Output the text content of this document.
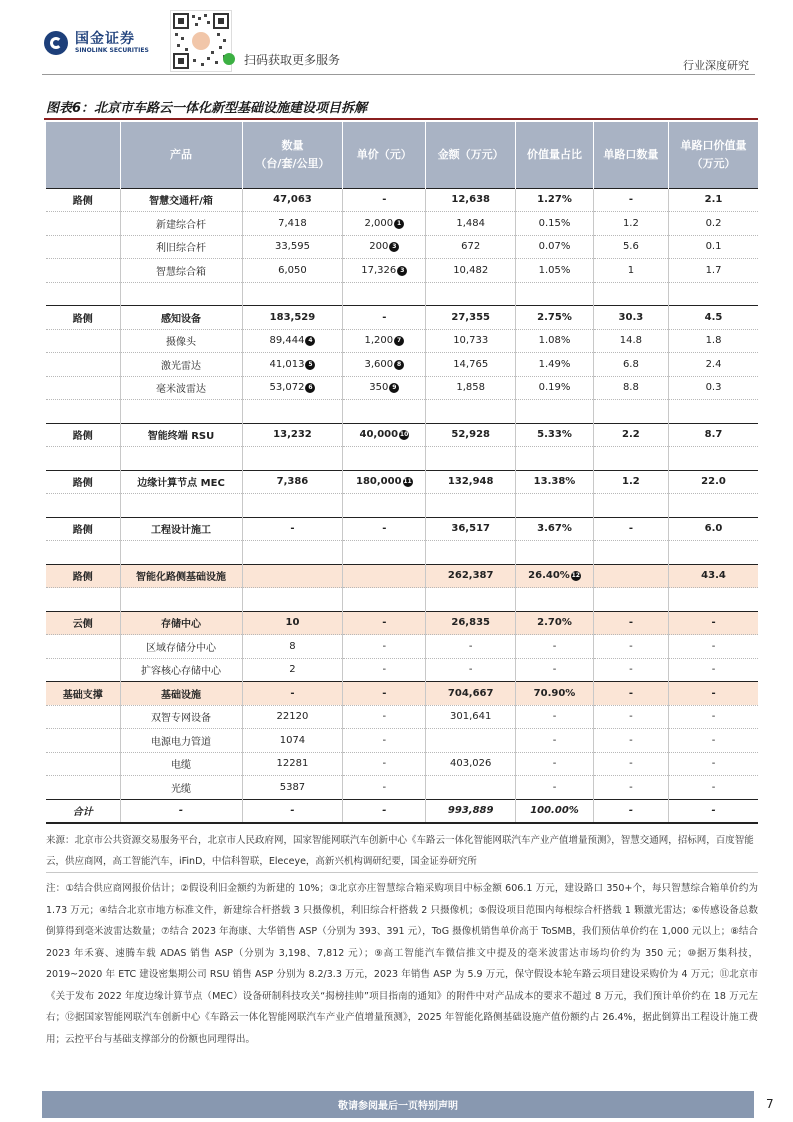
国金证券
SINOLINK SECURITIES
扫码获取更多服务	行业深度研究
图表6：北京市车路云一体化新型基础设施建设项目拆解
	产品	数量
（台/套/公里）	单价（元）	金额（万元）	价值量占比	单路口数量	单路口价值量
（万元）
路侧	智慧交通杆/箱	47,063	-	12,638	1.27%	-	2.1
	新建综合杆	7,418	2,000 1	1,484	0.15%	1.2	0.2
	利旧综合杆	33,595	200 3	672	0.07%	5.6	0.1
	智慧综合箱	6,050	17,326 3	10,482	1.05%	1	1.7

路侧	感知设备	183,529	-	27,355	2.75%	30.3	4.5
	摄像头	89,444 4	1,200 7	10,733	1.08%	14.8	1.8
	激光雷达	41,013 5	3,600 8	14,765	1.49%	6.8	2.4
	毫米波雷达	53,072 6	350 9	1,858	0.19%	8.8	0.3

路侧	智能终端 RSU	13,232	40,000 10	52,928	5.33%	2.2	8.7

路侧	边缘计算节点 MEC	7,386	180,000 11	132,948	13.38%	1.2	22.0

路侧	工程设计施工	-	-	36,517	3.67%	-	6.0

路侧	智能化路侧基础设施			262,387	26.40% 12		43.4

云侧	存储中心	10	-	26,835	2.70%	-	-
	区域存储分中心	8	-	-	-	-	-
	扩容核心存储中心	2	-	-	-	-	-
基础支撑	基础设施	-	-	704,667	70.90%	-	-
	双智专网设备	22120	-	301,641	-	-	-
	电源电力管道	1074	-		-	-	-
	电缆	12281	-	403,026	-	-	-
	光缆	5387	-		-	-	-
合计	-	-	-	993,889	100.00%	-	-
来源：北京市公共资源交易服务平台，北京市人民政府网，国家智能网联汽车创新中心《车路云一体化智能网联汽车产业产值增量预测》，智慧交通网，招标网，百度智能云，供应商网，高工智能汽车，iFinD，中信科智联，Eleceye，高新兴机构调研纪要，国金证券研究所
注：①结合供应商网报价估计；②假设利旧金额约为新建的 10%；③北京亦庄智慧综合箱采购项目中标金额 606.1 万元，建设路口 350+个，每只智慧综合箱单价约为 1.73 万元；④结合北京市地方标准文件，新建综合杆搭载 3 只摄像机，利旧综合杆搭载 2 只摄像机；⑤假设项目范围内每根综合杆搭载 1 颗激光雷达；⑥传感设备总数倒算得到毫米波雷达数量；⑦结合 2023 年海康、大华销售 ASP（分别为 393、391 元），ToG 摄像机销售单价高于 ToSMB，我们预估单价约在 1,000 元以上；⑧结合 2023 年禾赛、速腾车载 ADAS 销售 ASP（分别为 3,198、7,812 元）；⑨高工智能汽车微信推文中提及的毫米波雷达市场均价约为 350 元；⑩据万集科技，2019~2020 年 ETC 建设密集期公司 RSU 销售 ASP 分别为 8.2/3.3 万元，2023 年销售 ASP 为 5.9 万元，保守假设本轮车路云项目建设采购价为 4 万元；⑪北京市《关于发布 2022 年度边缘计算节点（MEC）设备研制科技攻关“揭榜挂帅”项目指南的通知》的附件中对产品成本的要求不超过 8 万元，我们预计单价约在 18 万元左右；⑫据国家智能网联汽车创新中心《车路云一体化智能网联汽车产业产值增量预测》，2025 年智能化路侧基础设施产值份额约占 26.4%，据此倒算出工程设计施工费用；云控平台与基础支撑部分的份额也同理得出。
敬请参阅最后一页特别声明	7
